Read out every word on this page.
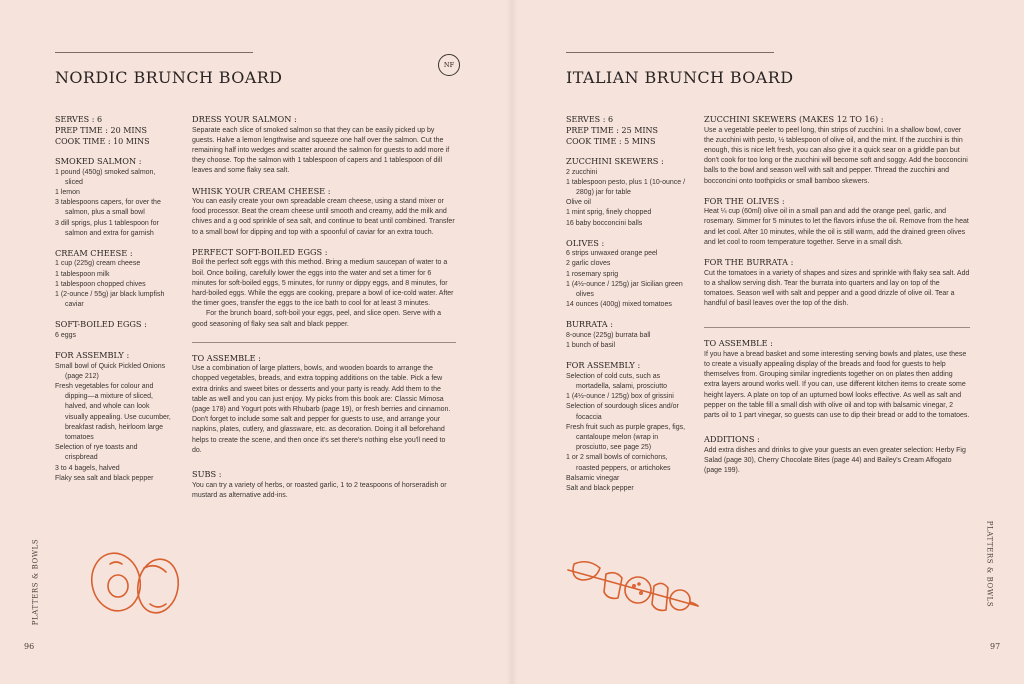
NORDIC BRUNCH BOARD
SERVES : 6
PREP TIME : 20 MINS
COOK TIME : 10 MINS
SMOKED SALMON :
1 pound (450g) smoked salmon, sliced
1 lemon
3 tablespoons capers, for over the salmon, plus a small bowl
3 dill sprigs, plus 1 tablespoon for salmon and extra for garnish
CREAM CHEESE :
1 cup (225g) cream cheese
1 tablespoon milk
1 tablespoon chopped chives
1 (2-ounce / 55g) jar black lumpfish caviar
SOFT-BOILED EGGS :
6 eggs
FOR ASSEMBLY :
Small bowl of Quick Pickled Onions (page 212)
Fresh vegetables for colour and dipping—a mixture of sliced, halved, and whole can look visually appealing. Use cucumber, breakfast radish, heirloom large tomatoes
Selection of rye toasts and crispbread
3 to 4 bagels, halved
Flaky sea salt and black pepper
DRESS YOUR SALMON :
Separate each slice of smoked salmon so that they can be easily picked up by guests. Halve a lemon lengthwise and squeeze one half over the salmon. Cut the remaining half into wedges and scatter around the salmon for guests to add more if they choose. Top the salmon with 1 tablespoon of capers and 1 tablespoon of dill leaves and some flaky sea salt.
WHISK YOUR CREAM CHEESE :
You can easily create your own spreadable cream cheese, using a stand mixer or food processor. Beat the cream cheese until smooth and creamy, add the milk and chives and a g ood sprinkle of sea salt, and continue to beat until combined. Transfer to a small bowl for dipping and top with a spoonful of caviar for an extra touch.
PERFECT SOFT-BOILED EGGS :
Boil the perfect soft eggs with this method. Bring a medium saucepan of water to a boil. Once boiling, carefully lower the eggs into the water and set a timer for 6 minutes for soft-boiled eggs, 5 minutes, for runny or dippy eggs, and 8 minutes, for hard-boiled eggs. While the eggs are cooking, prepare a bowl of ice-cold water. After the timer goes, transfer the eggs to the ice bath to cool for at least 3 minutes.
For the brunch board, soft-boil your eggs, peel, and slice open. Serve with a good seasoning of flaky sea salt and black pepper.
TO ASSEMBLE :
Use a combination of large platters, bowls, and wooden boards to arrange the chopped vegetables, breads, and extra topping additions on the table. Pick a few extra drinks and sweet bites or desserts and your party is ready. Add them to the table as well and you can just enjoy. My picks from this book are: Classic Mimosa (page 178) and Yogurt pots with Rhubarb (page 19), or fresh berries and cinnamon. Don't forget to include some salt and pepper for guests to use, and arrange your napkins, plates, cutlery, and glassware, etc. as decoration. Doing it all beforehand helps to create the scene, and then once it's set there's nothing else you'll need to do.
SUBS :
You can try a variety of herbs, or roasted garlic, 1 to 2 teaspoons of horseradish or mustard as alternative add-ins.
PLATTERS & BOWLS
96
NF
ITALIAN BRUNCH BOARD
SERVES : 6
PREP TIME : 25 MINS
COOK TIME : 5 MINS
ZUCCHINI SKEWERS :
2 zucchini
1 tablespoon pesto, plus 1 (10-ounce / 280g) jar for table
Olive oil
1 mint sprig, finely chopped
16 baby bocconcini balls
OLIVES :
6 strips unwaxed orange peel
2 garlic cloves
1 rosemary sprig
1 (4½-ounce / 125g) jar Sicilian green olives
14 ounces (400g) mixed tomatoes
BURRATA :
8-ounce (225g) burrata ball
1 bunch of basil
FOR ASSEMBLY :
Selection of cold cuts, such as mortadella, salami, prosciutto
1 (4½-ounce / 125g) box of grissini
Selection of sourdough slices and/or focaccia
Fresh fruit such as purple grapes, figs, cantaloupe melon (wrap in prosciutto, see page 25)
1 or 2 small bowls of cornichons, roasted peppers, or artichokes
Balsamic vinegar
Salt and black pepper
ZUCCHINI SKEWERS (MAKES 12 TO 16) :
Use a vegetable peeler to peel long, thin strips of zucchini. In a shallow bowl, cover the zucchini with pesto, ½ tablespoon of olive oil, and the mint. If the zucchini is thin enough, this is nice left fresh, you can also give it a quick sear on a griddle pan but don't cook for too long or the zucchini will become soft and soggy. Add the bocconcini balls to the bowl and season well with salt and pepper. Thread the zucchini and bocconcini onto toothpicks or small bamboo skewers.
FOR THE OLIVES :
Heat ¼ cup (60ml) olive oil in a small pan and add the orange peel, garlic, and rosemary. Simmer for 5 minutes to let the flavors infuse the oil. Remove from the heat and let cool. After 10 minutes, while the oil is still warm, add the drained green olives and let cool to room temperature together. Serve in a small dish.
FOR THE BURRATA :
Cut the tomatoes in a variety of shapes and sizes and sprinkle with flaky sea salt. Add to a shallow serving dish. Tear the burrata into quarters and lay on top of the tomatoes. Season well with salt and pepper and a good drizzle of olive oil. Tear a handful of basil leaves over the top of the dish.
TO ASSEMBLE :
If you have a bread basket and some interesting serving bowls and plates, use these to create a visually appealing display of the breads and food for guests to help themselves from. Grouping similar ingredients together on on plates then adding extra layers around works well. If you can, use different kitchen items to create some height layers. A plate on top of an upturned bowl looks effective. As well as salt and pepper on the table fill a small dish with olive oil and top with balsamic vinegar, 2 parts oil to 1 part vinegar, so guests can use to dip their bread or add to the tomatoes.
ADDITIONS :
Add extra dishes and drinks to give your guests an even greater selection: Herby Fig Salad (page 30), Cherry Chocolate Bites (page 44) and Bailey's Cream Affogato (page 199).
PLATTERS & BOWLS
97
